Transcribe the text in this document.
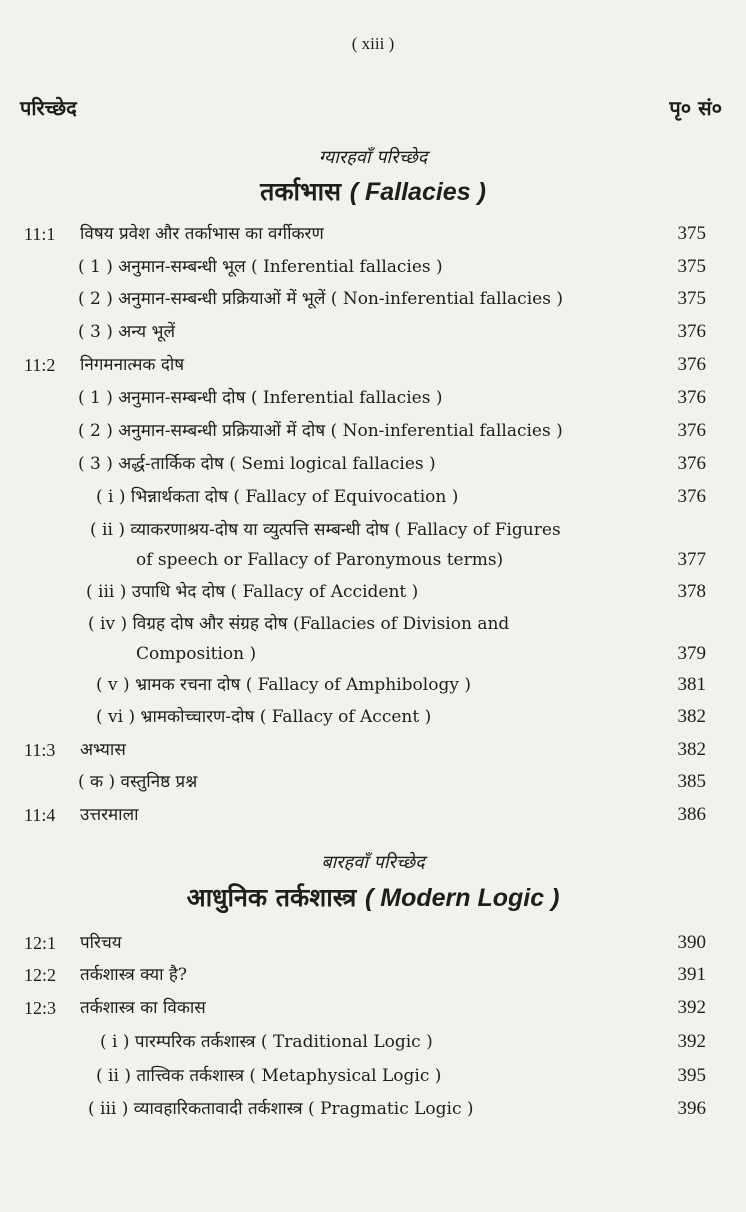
( xiii )
परिच्छेद	पृ० सं०
ग्यारहवाँ परिच्छेद
तर्काभास ( Fallacies )
11:1 विषय प्रवेश और तर्काभास का वर्गीकरण	375
( 1 ) अनुमान-सम्बन्धी भूल ( Inferential fallacies )	375
( 2 ) अनुमान-सम्बन्धी प्रक्रियाओं में भूलें ( Non-inferential fallacies )	375
( 3 ) अन्य भूलें	376
11:2 निगमनात्मक दोष	376
( 1 ) अनुमान-सम्बन्धी दोष ( Inferential fallacies )	376
( 2 ) अनुमान-सम्बन्धी प्रक्रियाओं में दोष ( Non-inferential fallacies )	376
( 3 ) अर्द्ध-तार्किक दोष ( Semi logical fallacies )	376
( i ) भिन्नार्थकता दोष ( Fallacy of Equivocation )	376
( ii ) व्याकरणाश्रय-दोष या व्युत्पत्ति सम्बन्धी दोष ( Fallacy of Figures
of speech or Fallacy of Paronymous terms)	377
( iii ) उपाधि भेद दोष ( Fallacy of Accident )	378
( iv ) विग्रह दोष और संग्रह दोष (Fallacies of Division and
Composition )	379
( v ) भ्रामक रचना दोष ( Fallacy of Amphibology )	381
( vi ) भ्रामकोच्चारण-दोष ( Fallacy of Accent )	382
11:3 अभ्यास	382
( क ) वस्तुनिष्ठ प्रश्न	385
11:4 उत्तरमाला	386
बारहवाँ परिच्छेद
आधुनिक तर्कशास्त्र ( Modern Logic )
12:1 परिचय	390
12:2 तर्कशास्त्र क्या है?	391
12:3 तर्कशास्त्र का विकास	392
( i ) पारम्परिक तर्कशास्त्र ( Traditional Logic )	392
( ii ) तात्त्विक तर्कशास्त्र ( Metaphysical Logic )	395
( iii ) व्यावहारिकतावादी तर्कशास्त्र ( Pragmatic Logic )	396
